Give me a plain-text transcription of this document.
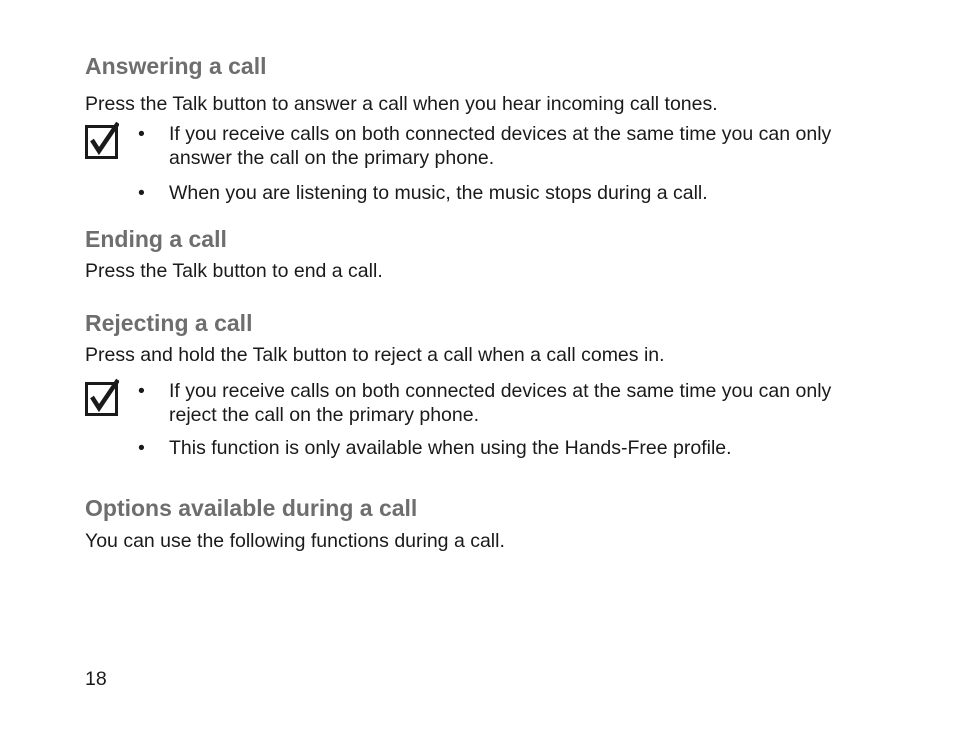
Answering a call

Press the Talk button to answer a call when you hear incoming call tones.

• If you receive calls on both connected devices at the same time you can only answer the call on the primary phone.

• When you are listening to music, the music stops during a call.

Ending a call

Press the Talk button to end a call.

Rejecting a call

Press and hold the Talk button to reject a call when a call comes in.

• If you receive calls on both connected devices at the same time you can only reject the call on the primary phone.

• This function is only available when using the Hands-Free profile.

Options available during a call

You can use the following functions during a call.

18
